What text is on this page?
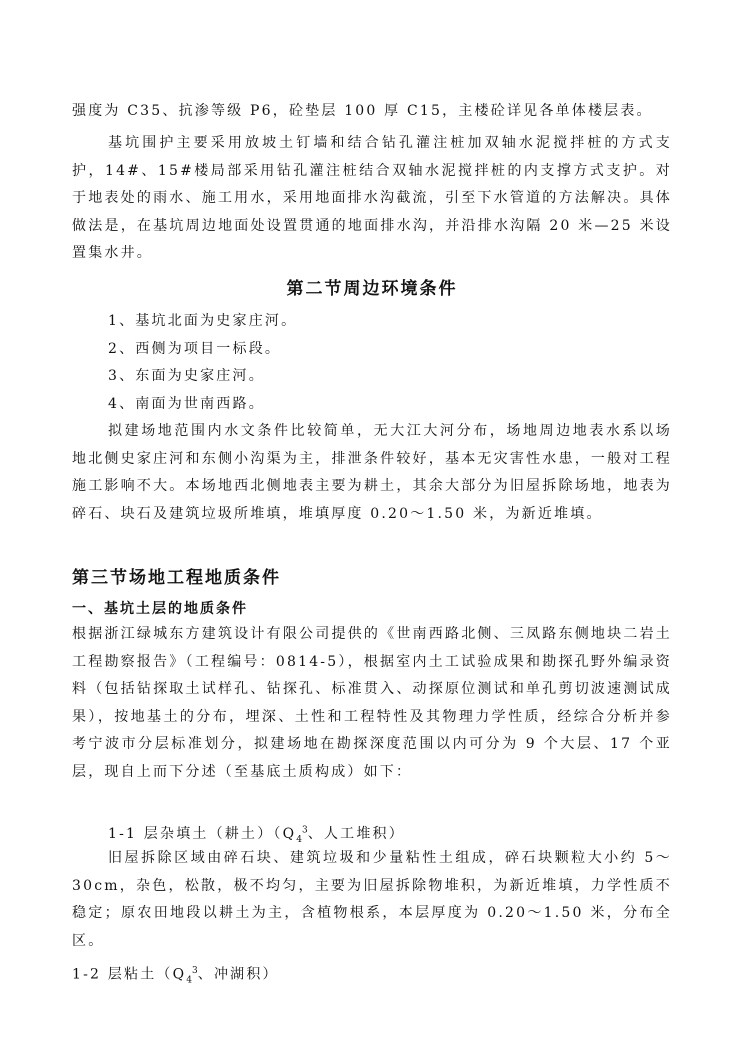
强度为 C35、抗渗等级 P6，砼垫层 100 厚 C15，主楼砼详见各单体楼层表。

基坑围护主要采用放坡土钉墙和结合钻孔灌注桩加双轴水泥搅拌桩的方式支护，14#、15#楼局部采用钻孔灌注桩结合双轴水泥搅拌桩的内支撑方式支护。对于地表处的雨水、施工用水，采用地面排水沟截流，引至下水管道的方法解决。具体做法是，在基坑周边地面处设置贯通的地面排水沟，并沿排水沟隔 20 米—25 米设置集水井。

第二节周边环境条件

1、基坑北面为史家庄河。

2、西侧为项目一标段。

3、东面为史家庄河。

4、南面为世南西路。

拟建场地范围内水文条件比较简单，无大江大河分布，场地周边地表水系以场地北侧史家庄河和东侧小沟渠为主，排泄条件较好，基本无灾害性水患，一般对工程施工影响不大。本场地西北侧地表主要为耕土，其余大部分为旧屋拆除场地，地表为碎石、块石及建筑垃圾所堆填，堆填厚度 0.20～1.50 米，为新近堆填。

第三节场地工程地质条件
一、基坑土层的地质条件

根据浙江绿城东方建筑设计有限公司提供的《世南西路北侧、三凤路东侧地块二岩土工程勘察报告》（工程编号：0814-5），根据室内土工试验成果和勘探孔野外编录资料（包括钻探取土试样孔、钻探孔、标准贯入、动探原位测试和单孔剪切波速测试成果），按地基土的分布，埋深、土性和工程特性及其物理力学性质，经综合分析并参考宁波市分层标准划分，拟建场地在勘探深度范围以内可分为 9 个大层、17 个亚层，现自上而下分述（至基底土质构成）如下：

1-1 层杂填土（耕土）（$Q_4^3$、人工堆积）

旧屋拆除区域由碎石块、建筑垃圾和少量粘性土组成，碎石块颗粒大小约 5～30cm，杂色，松散，极不均匀，主要为旧屋拆除物堆积，为新近堆填，力学性质不稳定；原农田地段以耕土为主，含植物根系，本层厚度为 0.20～1.50 米，分布全区。

1-2 层粘土（$Q_4^3$、冲湖积）
